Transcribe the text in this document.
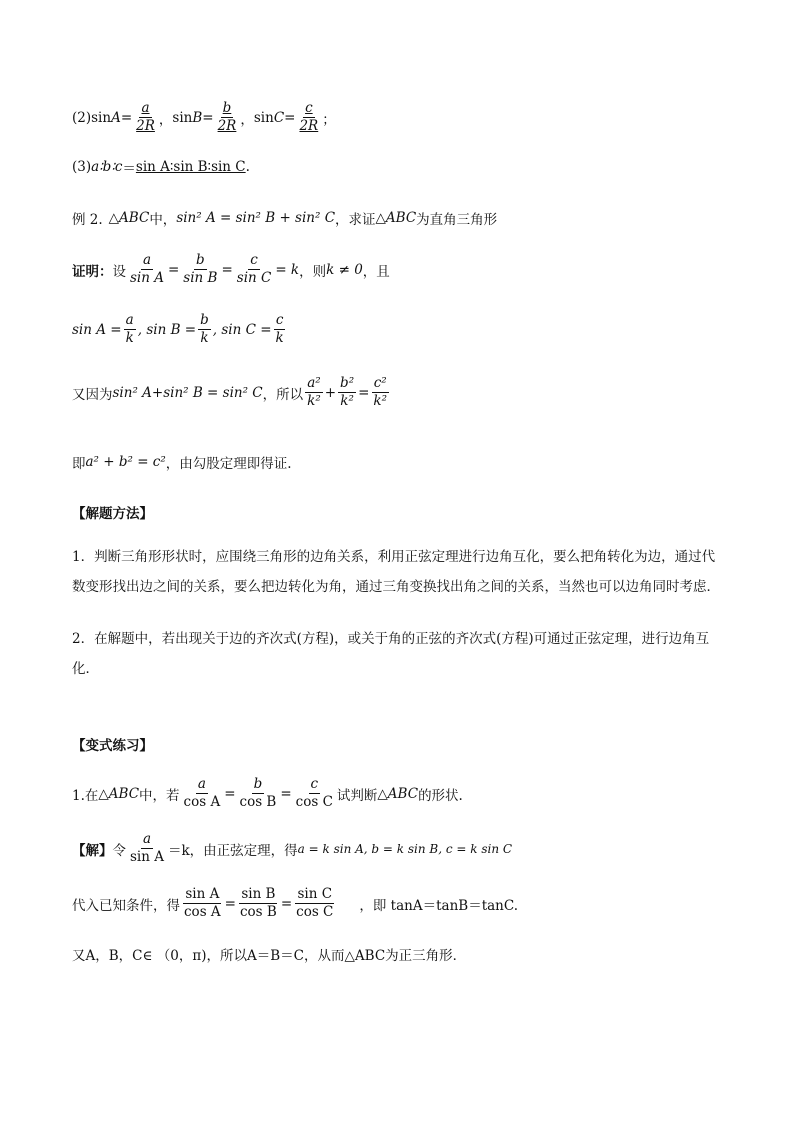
(2)sin $A = \frac{a}{2R}$ ， $\sin B = \frac{b}{2R}$ ， $\sin C = \frac{c}{2R}$ ；
(3) a∶b∶c ＝ sin A∶sin B∶sin C .
例 2. △ABC 中， sin² A = sin² B + sin² C ，求证 △ABC 为直角三角形
证明： 设 $\frac{a}{\text{sin A}} = \frac{b}{\text{sin B}} = \frac{c}{\text{sin C}} = k$ ，则 k ≠ 0 ，且
$\sin A = \frac{a}{k}$ , $\sin B = \frac{b}{k}$ , $\sin C = \frac{c}{k}$
又因为 sin² A+sin² B = sin² C ，所以 $\frac{\text{a²}}{\text{k²}} + \frac{\text{b²}}{\text{k²}} = \frac{\text{c²}}{\text{k²}}$
即 a² + b² = c² ，由勾股定理即得证.
【解题方法】
1．判断三角形形状时，应围绕三角形的边角关系，利用正弦定理进行边角互化，要么把角转化为边，通过代数变形找出边之间的关系，要么把边转化为角，通过三角变换找出角之间的关系，当然也可以边角同时考虑．
2．在解题中，若出现关于边的齐次式(方程)，或关于角的正弦的齐次式(方程)可通过正弦定理，进行边角互化．
【变式练习】
1.在 △ABC 中，若 $\frac{a}{\text{cos A}} = \frac{b}{\text{cos B}} = \frac{c}{\text{cos C}}$ 试判断 △ABC 的形状.
【解】 令 $\frac{a}{\text{sin A}} =k$，由正弦定理，得 a = k sin A, b = k sin B, c = k sin C
代入已知条件，得 $\frac{\text{sin A}}{\text{cos A}} = \frac{\text{sin B}}{\text{cos B}} = \frac{\text{sin C}}{\text{cos C}}$ ，即 tanA＝tanB＝tanC.
又A，B，C∈ （0，π)，所以A＝B＝C，从而△ABC为正三角形．
